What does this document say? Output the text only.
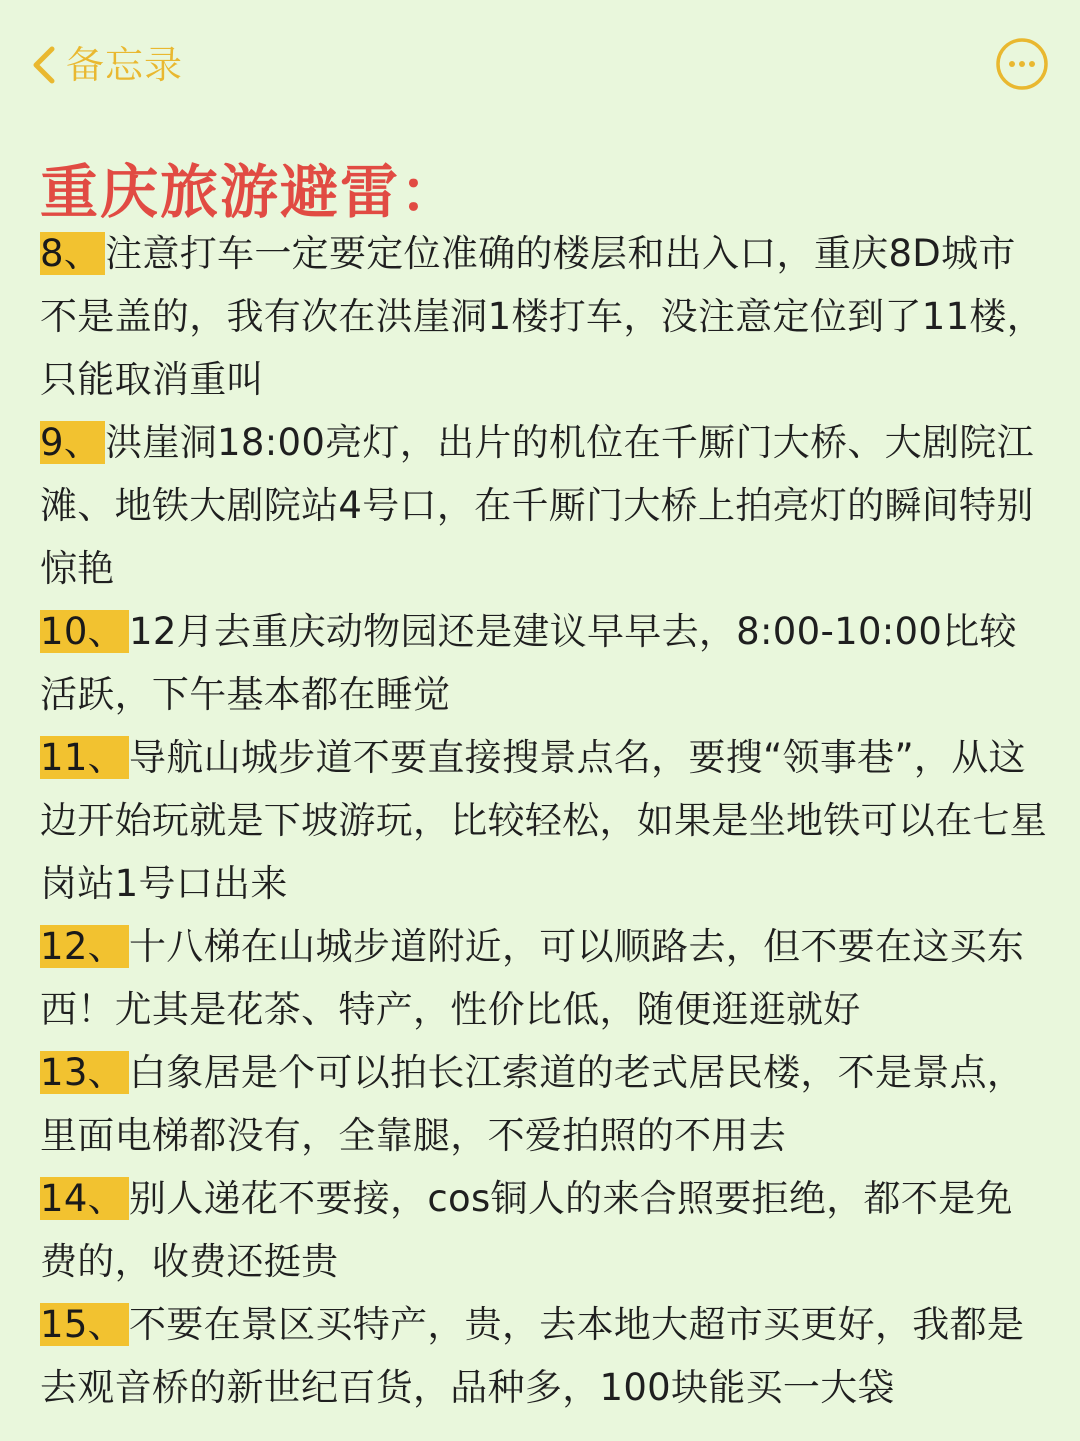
备忘录
重庆旅游避雷：

8、 注意打车一定要定位准确的楼层和出入口，重庆8D城市不是盖的，我有次在洪崖洞1楼打车，没注意定位到了11楼，只能取消重叫

9、 洪崖洞18:00亮灯，出片的机位在千厮门大桥、大剧院江滩、地铁大剧院站4号口，在千厮门大桥上拍亮灯的瞬间特别惊艳

10、 12月去重庆动物园还是建议早早去，8:00-10:00比较活跃，下午基本都在睡觉

11、 导航山城步道不要直接搜景点名，要搜“领事巷”，从这边开始玩就是下坡游玩，比较轻松，如果是坐地铁可以在七星岗站1号口出来

12、 十八梯在山城步道附近，可以顺路去，但不要在这买东西！尤其是花茶、特产，性价比低，随便逛逛就好

13、 白象居是个可以拍长江索道的老式居民楼，不是景点，里面电梯都没有，全靠腿，不爱拍照的不用去

14、 别人递花不要接，cos铜人的来合照要拒绝，都不是免费的，收费还挺贵

15、 不要在景区买特产，贵，去本地大超市买更好，我都是去观音桥的新世纪百货，品种多，100块能买一大袋
